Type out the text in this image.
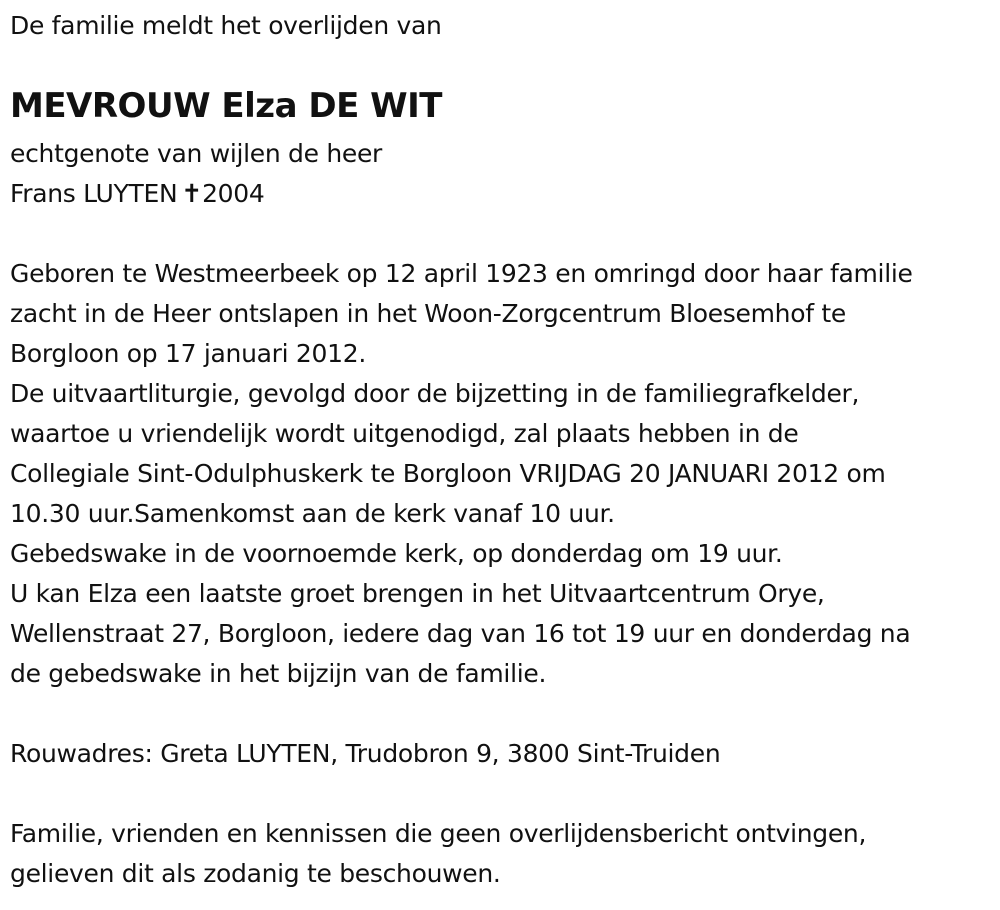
De familie meldt het overlijden van
MEVROUW Elza DE WIT
echtgenote van wijlen de heer
Frans LUYTEN ✝2004
Geboren te Westmeerbeek op 12 april 1923 en omringd door haar familie
zacht in de Heer ontslapen in het Woon-Zorgcentrum Bloesemhof te
Borgloon op 17 januari 2012.
De uitvaartliturgie, gevolgd door de bijzetting in de familiegrafkelder,
waartoe u vriendelijk wordt uitgenodigd, zal plaats hebben in de
Collegiale Sint-Odulphuskerk te Borgloon VRIJDAG 20 JANUARI 2012 om
10.30 uur.Samenkomst aan de kerk vanaf 10 uur.
Gebedswake in de voornoemde kerk, op donderdag om 19 uur.
U kan Elza een laatste groet brengen in het Uitvaartcentrum Orye,
Wellenstraat 27, Borgloon, iedere dag van 16 tot 19 uur en donderdag na
de gebedswake in het bijzijn van de familie.
Rouwadres: Greta LUYTEN, Trudobron 9, 3800 Sint-Truiden
Familie, vrienden en kennissen die geen overlijdensbericht ontvingen,
gelieven dit als zodanig te beschouwen.
